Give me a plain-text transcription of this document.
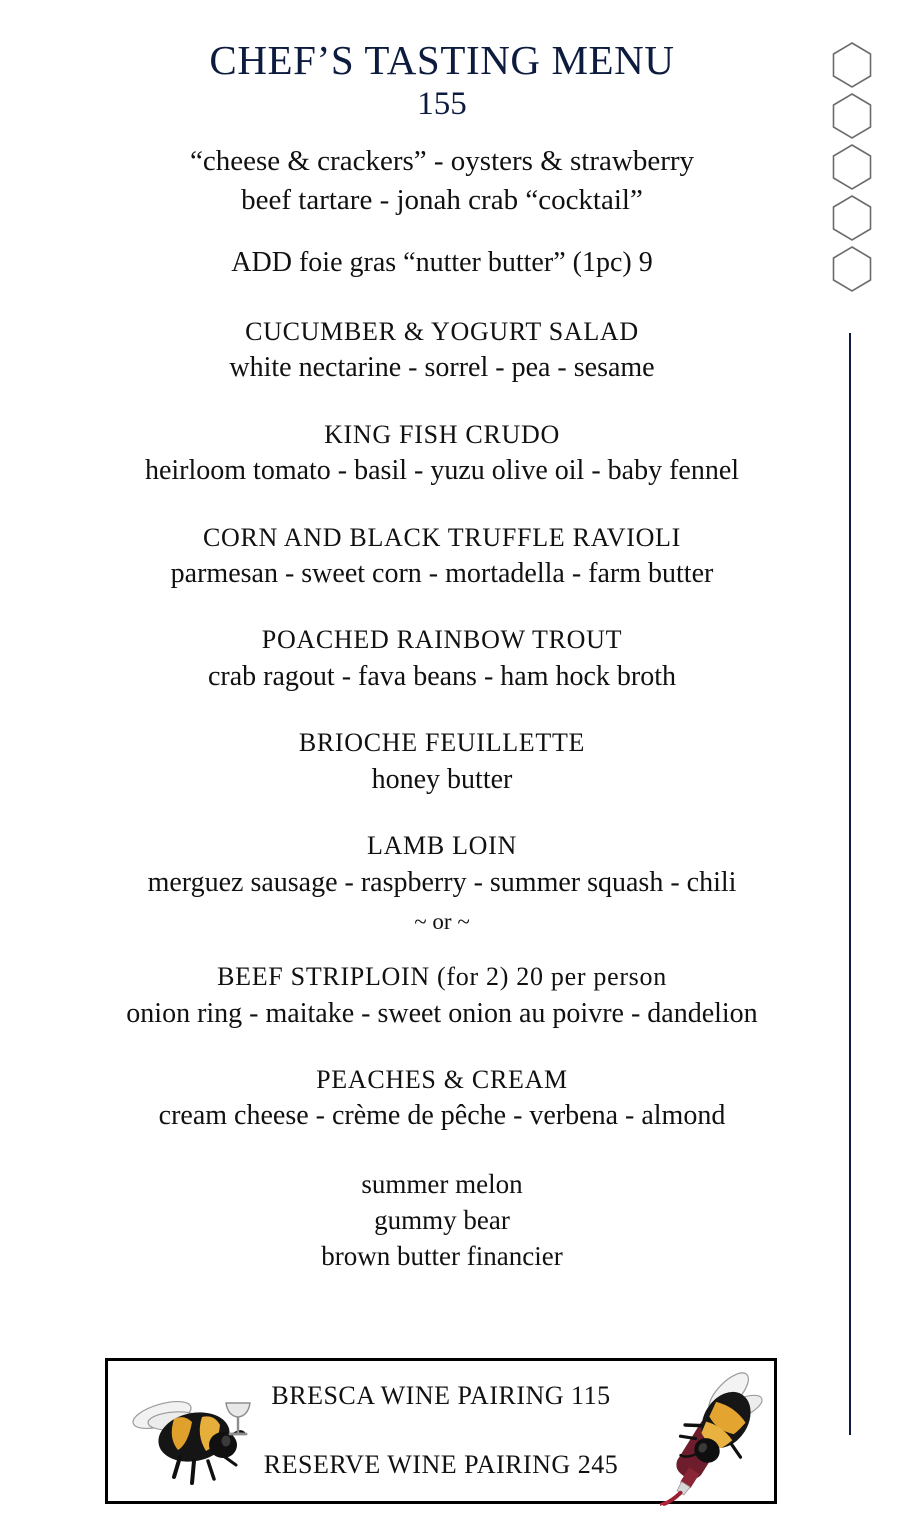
CHEF’S TASTING MENU
155
“cheese & crackers” - oysters & strawberry
beef tartare - jonah crab “cocktail”
ADD foie gras “nutter butter” (1pc) 9
CUCUMBER & YOGURT SALAD
white nectarine - sorrel - pea - sesame
KING FISH CRUDO
heirloom tomato - basil - yuzu olive oil - baby fennel
CORN AND BLACK TRUFFLE RAVIOLI
parmesan - sweet corn - mortadella - farm butter
POACHED RAINBOW TROUT
crab ragout - fava beans - ham hock broth
BRIOCHE FEUILLETTE
honey butter
LAMB LOIN
merguez sausage - raspberry - summer squash - chili
~ or ~
BEEF STRIPLOIN (for 2) 20 per person
onion ring - maitake - sweet onion au poivre - dandelion
PEACHES & CREAM
cream cheese - crème de pêche - verbena - almond
summer melon
gummy bear
brown butter financier
BRESCA WINE PAIRING 115
RESERVE WINE PAIRING 245
